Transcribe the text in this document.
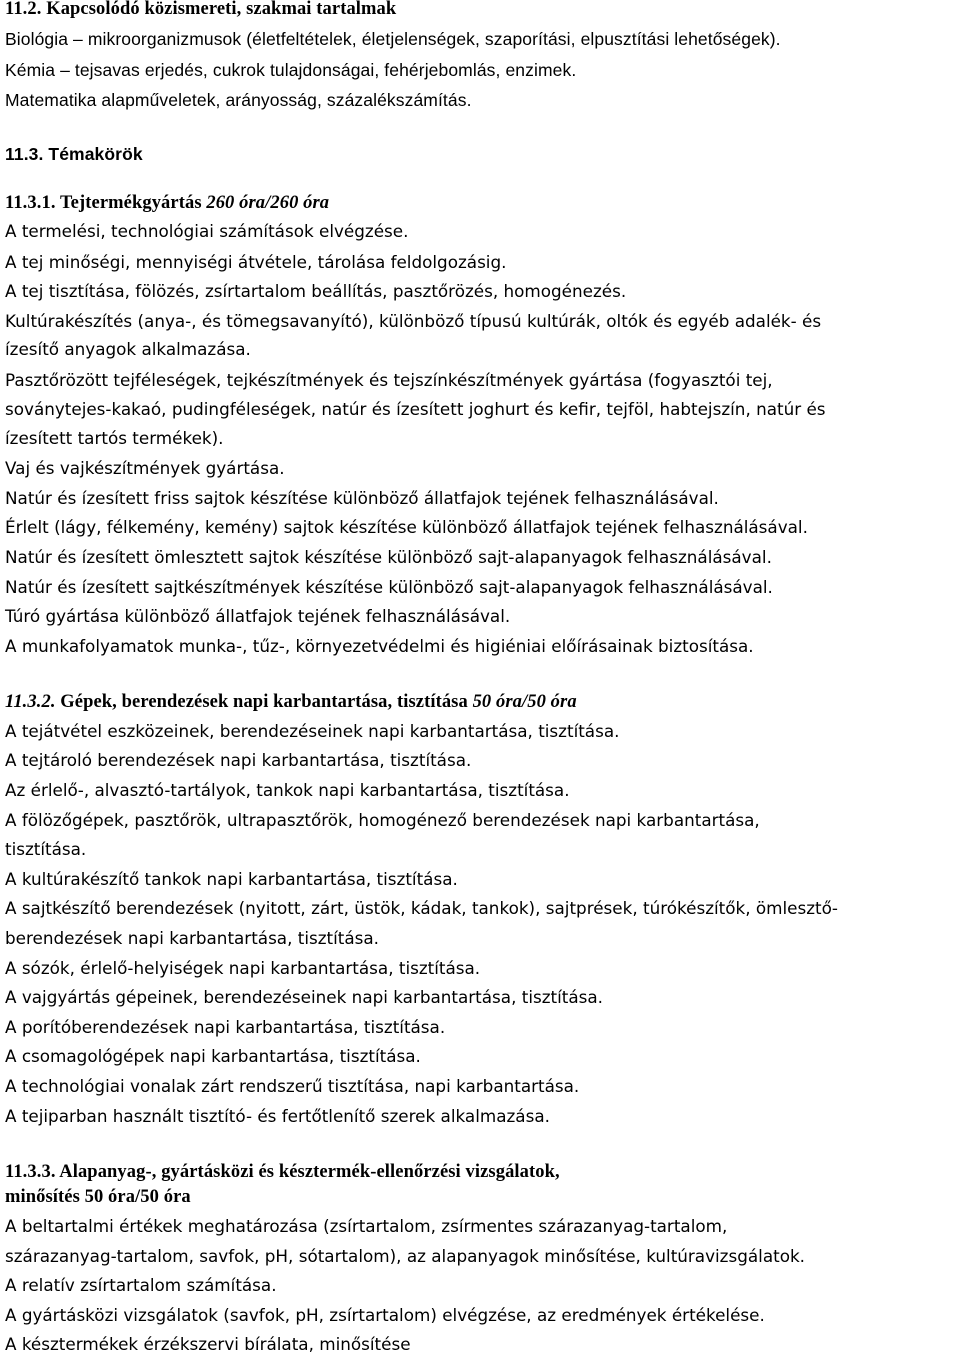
11.2. Kapcsolódó közismereti, szakmai tartalmak
Biológia – mikroorganizmusok (életfeltételek, életjelenségek, szaporítási, elpusztítási lehetőségek).
Kémia – tejsavas erjedés, cukrok tulajdonságai, fehérjebomlás, enzimek.
Matematika alapműveletek, arányosság, százalékszámítás.
11.3. Témakörök
11.3.1. Tejtermékgyártás 260 óra/260 óra
A termelési, technológiai számítások elvégzése.
A tej minőségi, mennyiségi átvétele, tárolása feldolgozásig.
A tej tisztítása, fölözés, zsírtartalom beállítás, pasztőrözés, homogénezés.
Kultúrakészítés (anya-, és tömegsavanyító), különböző típusú kultúrák, oltók és egyéb adalék- és
ízesítő anyagok alkalmazása.
Pasztőrözött tejféleségek, tejkészítmények és tejszínkészítmények gyártása (fogyasztói tej,
soványtejes-kakaó, pudingféleségek, natúr és ízesített joghurt és kefir, tejföl, habtejszín, natúr és
ízesített tartós termékek).
Vaj és vajkészítmények gyártása.
Natúr és ízesített friss sajtok készítése különböző állatfajok tejének felhasználásával.
Érlelt (lágy, félkemény, kemény) sajtok készítése különböző állatfajok tejének felhasználásával.
Natúr és ízesített ömlesztett sajtok készítése különböző sajt-alapanyagok felhasználásával.
Natúr és ízesített sajtkészítmények készítése különböző sajt-alapanyagok felhasználásával.
Túró gyártása különböző állatfajok tejének felhasználásával.
A munkafolyamatok munka-, tűz-, környezetvédelmi és higiéniai előírásainak biztosítása.
11.3.2. Gépek, berendezések napi karbantartása, tisztítása 50 óra/50 óra
A tejátvétel eszközeinek, berendezéseinek napi karbantartása, tisztítása.
A tejtároló berendezések napi karbantartása, tisztítása.
Az érlelő-, alvasztó-tartályok, tankok napi karbantartása, tisztítása.
A fölözőgépek, pasztőrök, ultrapasztőrök, homogénező berendezések napi karbantartása,
tisztítása.
A kultúrakészítő tankok napi karbantartása, tisztítása.
A sajtkészítő berendezések (nyitott, zárt, üstök, kádak, tankok), sajtprések, túrókészítők, ömlesztő-
berendezések napi karbantartása, tisztítása.
A sózók, érlelő-helyiségek napi karbantartása, tisztítása.
A vajgyártás gépeinek, berendezéseinek napi karbantartása, tisztítása.
A porítóberendezések napi karbantartása, tisztítása.
A csomagológépek napi karbantartása, tisztítása.
A technológiai vonalak zárt rendszerű tisztítása, napi karbantartása.
A tejiparban használt tisztító- és fertőtlenítő szerek alkalmazása.
11.3.3. Alapanyag-, gyártásközi és késztermék-ellenőrzési vizsgálatok,
minősítés 50 óra/50 óra
A beltartalmi értékek meghatározása (zsírtartalom, zsírmentes szárazanyag-tartalom,
szárazanyag-tartalom, savfok, pH, sótartalom), az alapanyagok minősítése, kultúravizsgálatok.
A relatív zsírtartalom számítása.
A gyártásközi vizsgálatok (savfok, pH, zsírtartalom) elvégzése, az eredmények értékelése.
A késztermékek érzékszervi bírálata, minősítése
